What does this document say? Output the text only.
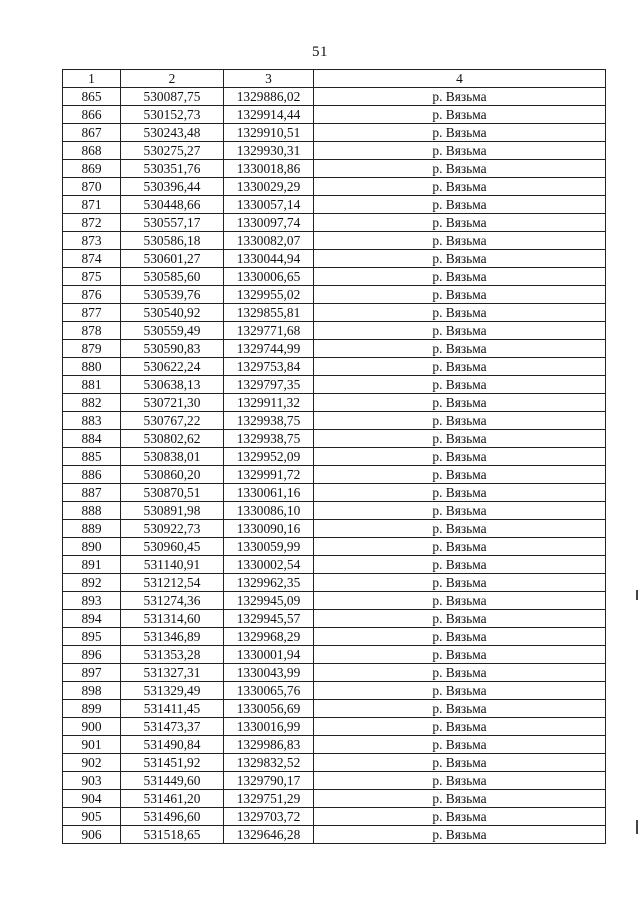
51
1	2	3	4
865	530087,75	1329886,02	р. Вязьма
866	530152,73	1329914,44	р. Вязьма
867	530243,48	1329910,51	р. Вязьма
868	530275,27	1329930,31	р. Вязьма
869	530351,76	1330018,86	р. Вязьма
870	530396,44	1330029,29	р. Вязьма
871	530448,66	1330057,14	р. Вязьма
872	530557,17	1330097,74	р. Вязьма
873	530586,18	1330082,07	р. Вязьма
874	530601,27	1330044,94	р. Вязьма
875	530585,60	1330006,65	р. Вязьма
876	530539,76	1329955,02	р. Вязьма
877	530540,92	1329855,81	р. Вязьма
878	530559,49	1329771,68	р. Вязьма
879	530590,83	1329744,99	р. Вязьма
880	530622,24	1329753,84	р. Вязьма
881	530638,13	1329797,35	р. Вязьма
882	530721,30	1329911,32	р. Вязьма
883	530767,22	1329938,75	р. Вязьма
884	530802,62	1329938,75	р. Вязьма
885	530838,01	1329952,09	р. Вязьма
886	530860,20	1329991,72	р. Вязьма
887	530870,51	1330061,16	р. Вязьма
888	530891,98	1330086,10	р. Вязьма
889	530922,73	1330090,16	р. Вязьма
890	530960,45	1330059,99	р. Вязьма
891	531140,91	1330002,54	р. Вязьма
892	531212,54	1329962,35	р. Вязьма
893	531274,36	1329945,09	р. Вязьма
894	531314,60	1329945,57	р. Вязьма
895	531346,89	1329968,29	р. Вязьма
896	531353,28	1330001,94	р. Вязьма
897	531327,31	1330043,99	р. Вязьма
898	531329,49	1330065,76	р. Вязьма
899	531411,45	1330056,69	р. Вязьма
900	531473,37	1330016,99	р. Вязьма
901	531490,84	1329986,83	р. Вязьма
902	531451,92	1329832,52	р. Вязьма
903	531449,60	1329790,17	р. Вязьма
904	531461,20	1329751,29	р. Вязьма
905	531496,60	1329703,72	р. Вязьма
906	531518,65	1329646,28	р. Вязьма
